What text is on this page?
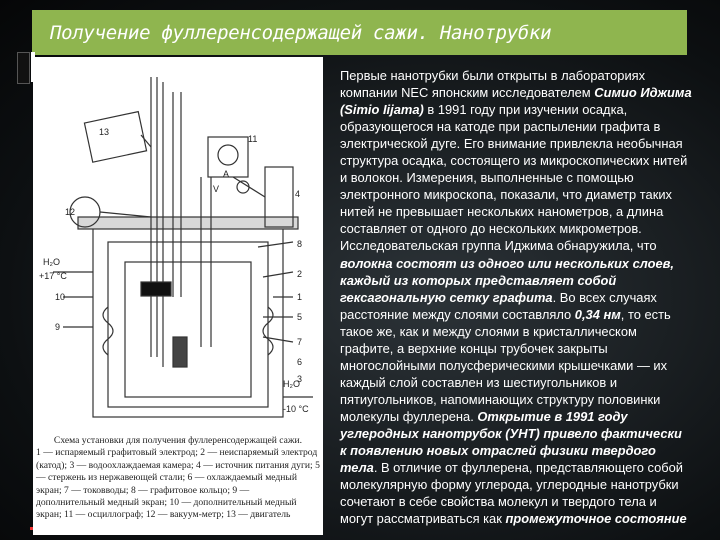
Получение фуллеренсодержащей сажи. Нанотрубки
13
11
A
V	4
12
8
2
1
5
7
6
3
10
9
H₂O
+17 °C
H₂O
-10 °C
Схема установки для получения фуллеренсодержащей сажи.
1 — испаряемый графитовый электрод; 2 — неиспаряемый электрод (катод); 3 — водоохлаждаемая камера; 4 — источник питания дуги; 5 — стержень из нержавеющей стали; 6 — охлаждаемый медный экран; 7 — токовводы; 8 — графитовое кольцо; 9 — дополнительный медный экран; 10 — дополнительный медный экран; 11 — осциллограф; 12 — вакуум-метр; 13 — двигатель

Первые нанотрубки были открыты в лабораториях компании NEC японским исследователем Симио Иджима (Simio Iijama) в 1991 году при изучении осадка, образующегося на катоде при распылении графита в электрической дуге. Его внимание привлекла необычная структура осадка, состоящего из микроскопических нитей и волокон. Измерения, выполненные с помощью электронного микроскопа, показали, что диаметр таких нитей не превышает нескольких нанометров, а длина составляет от одного до нескольких микрометров. Исследовательская группа Иджима обнаружила, что волокна состоят из одного или нескольких слоев, каждый из которых представляет собой гексагональную сетку графита. Во всех случаях расстояние между слоями составляло 0,34 нм, то есть такое же, как и между слоями в кристаллическом графите, а верхние концы трубочек закрыты многослойными полусферическими крышечками — их каждый слой составлен из шестиугольников и пятиугольников, напоминающих структуру половинки молекулы фуллерена. Открытие в 1991 году углеродных нанотрубок (УНТ) привело фактически к появлению новых отраслей физики твердого тела. В отличие от фуллерена, представляющего собой молекулярную форму углерода, углеродные нанотрубки сочетают в себе свойства молекул и твердого тела и могут рассматриваться как промежуточное состояние
